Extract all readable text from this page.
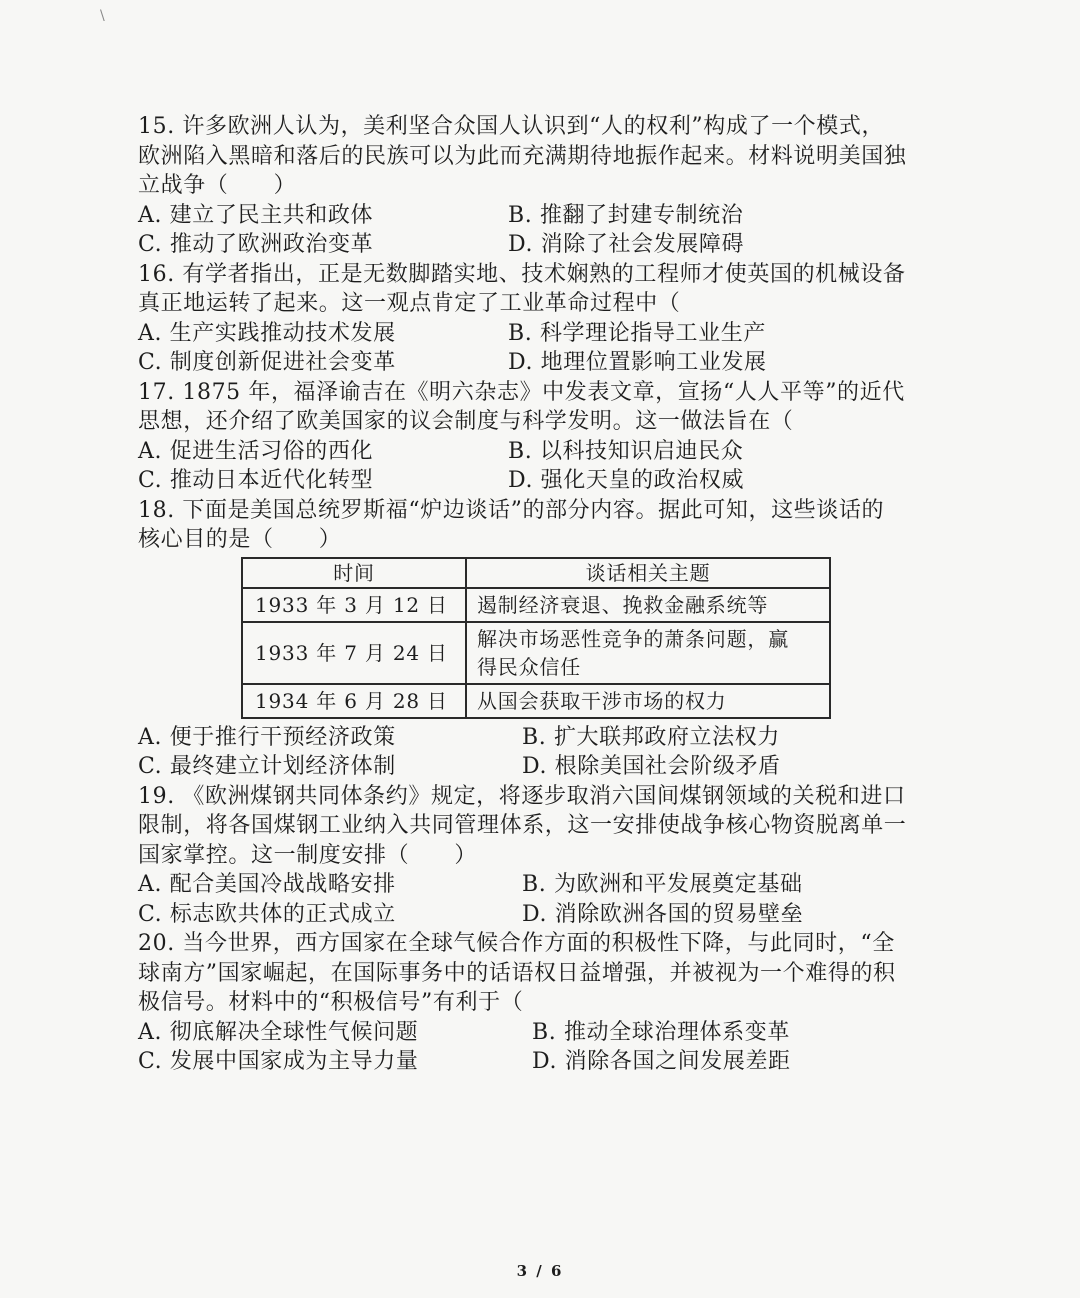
\
15. 许多欧洲人认为，美利坚合众国人认识到“人的权利”构成了一个模式，
欧洲陷入黑暗和落后的民族可以为此而充满期待地振作起来。材料说明美国独
立战争（　　）
A. 建立了民主共和政体	B. 推翻了封建专制统治
C. 推动了欧洲政治变革	D. 消除了社会发展障碍
16. 有学者指出，正是无数脚踏实地、技术娴熟的工程师才使英国的机械设备
真正地运转了起来。这一观点肯定了工业革命过程中（
A. 生产实践推动技术发展	B. 科学理论指导工业生产
C. 制度创新促进社会变革	D. 地理位置影响工业发展
17. 1875 年，福泽谕吉在《明六杂志》中发表文章，宣扬“人人平等”的近代
思想，还介绍了欧美国家的议会制度与科学发明。这一做法旨在（
A. 促进生活习俗的西化	B. 以科技知识启迪民众
C. 推动日本近代化转型	D. 强化天皇的政治权威
18. 下面是美国总统罗斯福“炉边谈话”的部分内容。据此可知，这些谈话的
核心目的是（　　）
时间	谈话相关主题
1933 年 3 月 12 日	遏制经济衰退、挽救金融系统等
1933 年 7 月 24 日	解决市场恶性竞争的萧条问题，赢
得民众信任

1934 年 6 月 28 日	从国会获取干涉市场的权力
A. 便于推行干预经济政策	B. 扩大联邦政府立法权力
C. 最终建立计划经济体制	D. 根除美国社会阶级矛盾
19. 《欧洲煤钢共同体条约》规定，将逐步取消六国间煤钢领域的关税和进口
限制，将各国煤钢工业纳入共同管理体系，这一安排使战争核心物资脱离单一
国家掌控。这一制度安排（　　）
A. 配合美国冷战战略安排	B. 为欧洲和平发展奠定基础
C. 标志欧共体的正式成立	D. 消除欧洲各国的贸易壁垒
20. 当今世界，西方国家在全球气候合作方面的积极性下降，与此同时，“全
球南方”国家崛起，在国际事务中的话语权日益增强，并被视为一个难得的积
极信号。材料中的“积极信号”有利于（
A. 彻底解决全球性气候问题	B. 推动全球治理体系变革
C. 发展中国家成为主导力量	D. 消除各国之间发展差距
3 / 6
